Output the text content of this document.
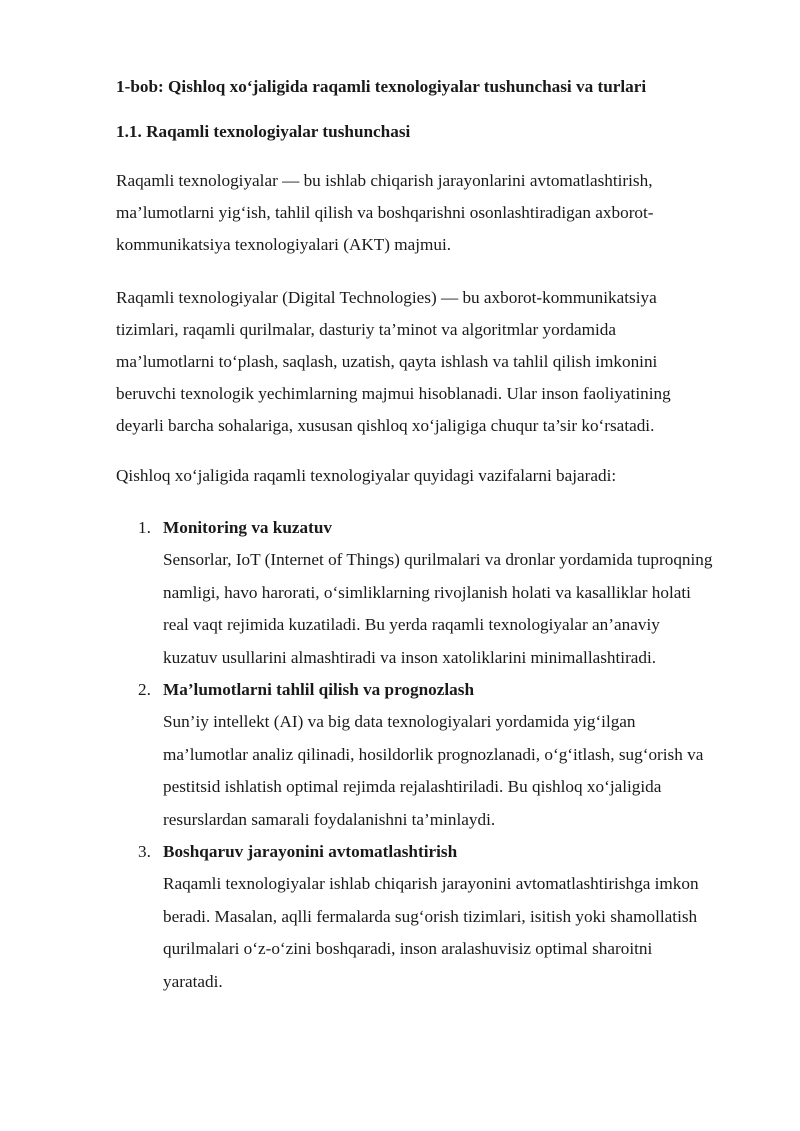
1-bob: Qishloq xo‘jaligida raqamli texnologiyalar tushunchasi va turlari
1.1. Raqamli texnologiyalar tushunchasi

Raqamli texnologiyalar — bu ishlab chiqarish jarayonlarini avtomatlashtirish, ma’lumotlarni yig‘ish, tahlil qilish va boshqarishni osonlashtiradigan axborot-kommunikatsiya texnologiyalari (AKT) majmui.

Raqamli texnologiyalar (Digital Technologies) — bu axborot-kommunikatsiya tizimlari, raqamli qurilmalar, dasturiy ta’minot va algoritmlar yordamida ma’lumotlarni to‘plash, saqlash, uzatish, qayta ishlash va tahlil qilish imkonini beruvchi texnologik yechimlarning majmui hisoblanadi. Ular inson faoliyatining deyarli barcha sohalariga, xususan qishloq xo‘jaligiga chuqur ta’sir ko‘rsatadi.

Qishloq xo‘jaligida raqamli texnologiyalar quyidagi vazifalarni bajaradi:

1. Monitoring va kuzatuv
Sensorlar, IoT (Internet of Things) qurilmalari va dronlar yordamida tuproqning namligi, havo harorati, o‘simliklarning rivojlanish holati va kasalliklar holati real vaqt rejimida kuzatiladi. Bu yerda raqamli texnologiyalar an’anaviy kuzatuv usullarini almashtiradi va inson xatoliklarini minimallashtiradi.
2. Ma’lumotlarni tahlil qilish va prognozlash
Sun’iy intellekt (AI) va big data texnologiyalari yordamida yig‘ilgan ma’lumotlar analiz qilinadi, hosildorlik prognozlanadi, o‘g‘itlash, sug‘orish va pestitsid ishlatish optimal rejimda rejalashtiriladi. Bu qishloq xo‘jaligida resurslardan samarali foydalanishni ta’minlaydi.
3. Boshqaruv jarayonini avtomatlashtirish
Raqamli texnologiyalar ishlab chiqarish jarayonini avtomatlashtirishga imkon beradi. Masalan, aqlli fermalarda sug‘orish tizimlari, isitish yoki shamollatish qurilmalari o‘z-o‘zini boshqaradi, inson aralashuvisiz optimal sharoitni yaratadi.
